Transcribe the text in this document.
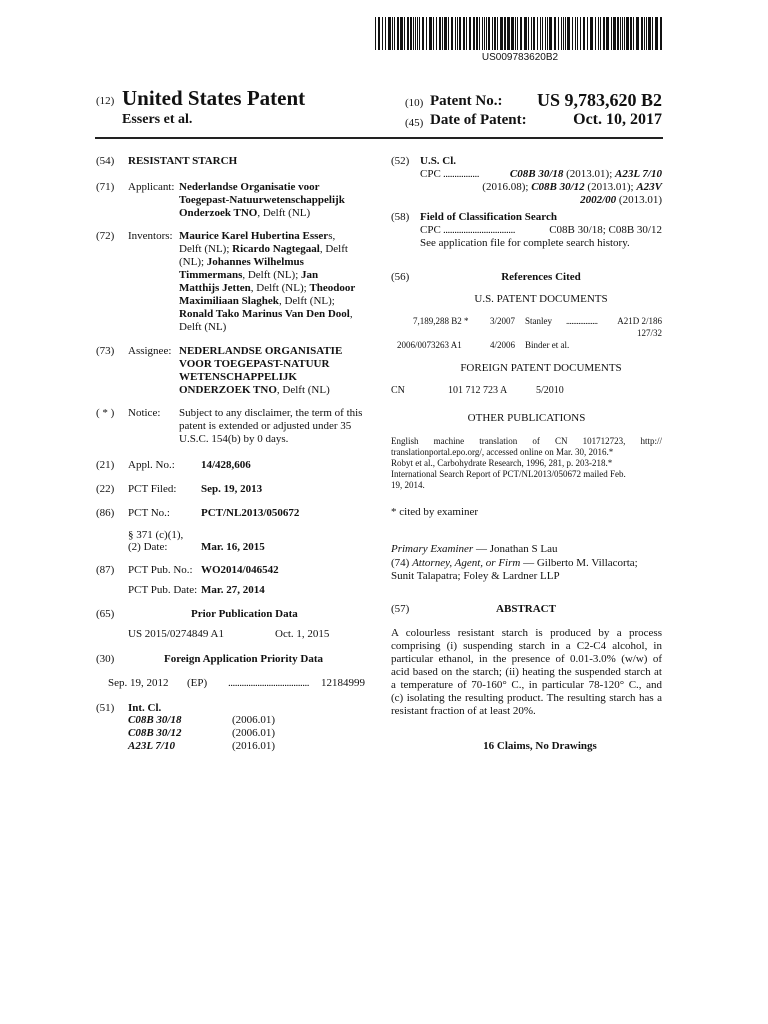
US009783620B2
(12) United States Patent
Essers et al.
(10) Patent No.:	US 9,783,620 B2
(45) Date of Patent:	Oct. 10, 2017
(54) RESISTANT STARCH
(71) Applicant: Nederlandse Organisatie voor
Toegepast-Natuurwetenschappelijk
Onderzoek TNO, Delft (NL)
(72) Inventors: Maurice Karel Hubertina Essers,
Delft (NL); Ricardo Nagtegaal, Delft
(NL); Johannes Wilhelmus
Timmermans, Delft (NL); Jan
Matthijs Jetten, Delft (NL); Theodoor
Maximiliaan Slaghek, Delft (NL);
Ronald Tako Marinus Van Den Dool,
Delft (NL)
(73) Assignee: NEDERLANDSE ORGANISATIE
VOOR TOEGEPAST-NATUUR
WETENSCHAPPELIJK
ONDERZOEK TNO, Delft (NL)
( * ) Notice: Subject to any disclaimer, the term of this
patent is extended or adjusted under 35
U.S.C. 154(b) by 0 days.
(21) Appl. No.: 14/428,606
(22) PCT Filed: Sep. 19, 2013
(86) PCT No.:	PCT/NL2013/050672
§ 371 (c)(1),
(2) Date:	Mar. 16, 2015
(87) PCT Pub. No.: WO2014/046542
PCT Pub. Date: Mar. 27, 2014
(65)	Prior Publication Data
US 2015/0274849 A1	Oct. 1, 2015
(30)	Foreign Application Priority Data
Sep. 19, 2012 (EP) .................................... 12184999
(51) Int. Cl.
C08B 30/18	(2006.01)
C08B 30/12	(2006.01)
A23L 7/10	(2016.01)
(52) U.S. Cl.
CPC ................	C08B 30/18 (2013.01); A23L 7/10
(2016.08); C08B 30/12 (2013.01); A23V
2002/00 (2013.01)
(58) Field of Classification Search
CPC ................................	C08B 30/18; C08B 30/12
See application file for complete search history.
(56)	References Cited
U.S. PATENT DOCUMENTS
7,189,288 B2 * 3/2007 Stanley ..................	A21D 2/186
127/32
2006/0073263 A1	4/2006 Binder et al.
FOREIGN PATENT DOCUMENTS
CN	101 712 723 A	5/2010
OTHER PUBLICATIONS
English machine translation of CN 101712723, http://
translationportal.epo.org/, accessed online on Mar. 30, 2016.*
Robyt et al., Carbohydrate Research, 1996, 281, p. 203-218.*
International Search Report of PCT/NL2013/050672 mailed Feb.
19, 2014.
* cited by examiner
Primary Examiner — Jonathan S Lau
(74) Attorney, Agent, or Firm — Gilberto M. Villacorta;
Sunit Talapatra; Foley & Lardner LLP
(57)	ABSTRACT
A colourless resistant starch is produced by a process
comprising (i) suspending starch in a C2-C4 alcohol, in
particular ethanol, in the presence of 0.01-3.0% (w/w) of
acid based on the starch; (ii) heating the suspended starch at
a temperature of 70-160° C., in particular 78-120° C., and
(c) isolating the resulting product. The resulting starch has a
resistant fraction of at least 20%.
16 Claims, No Drawings
